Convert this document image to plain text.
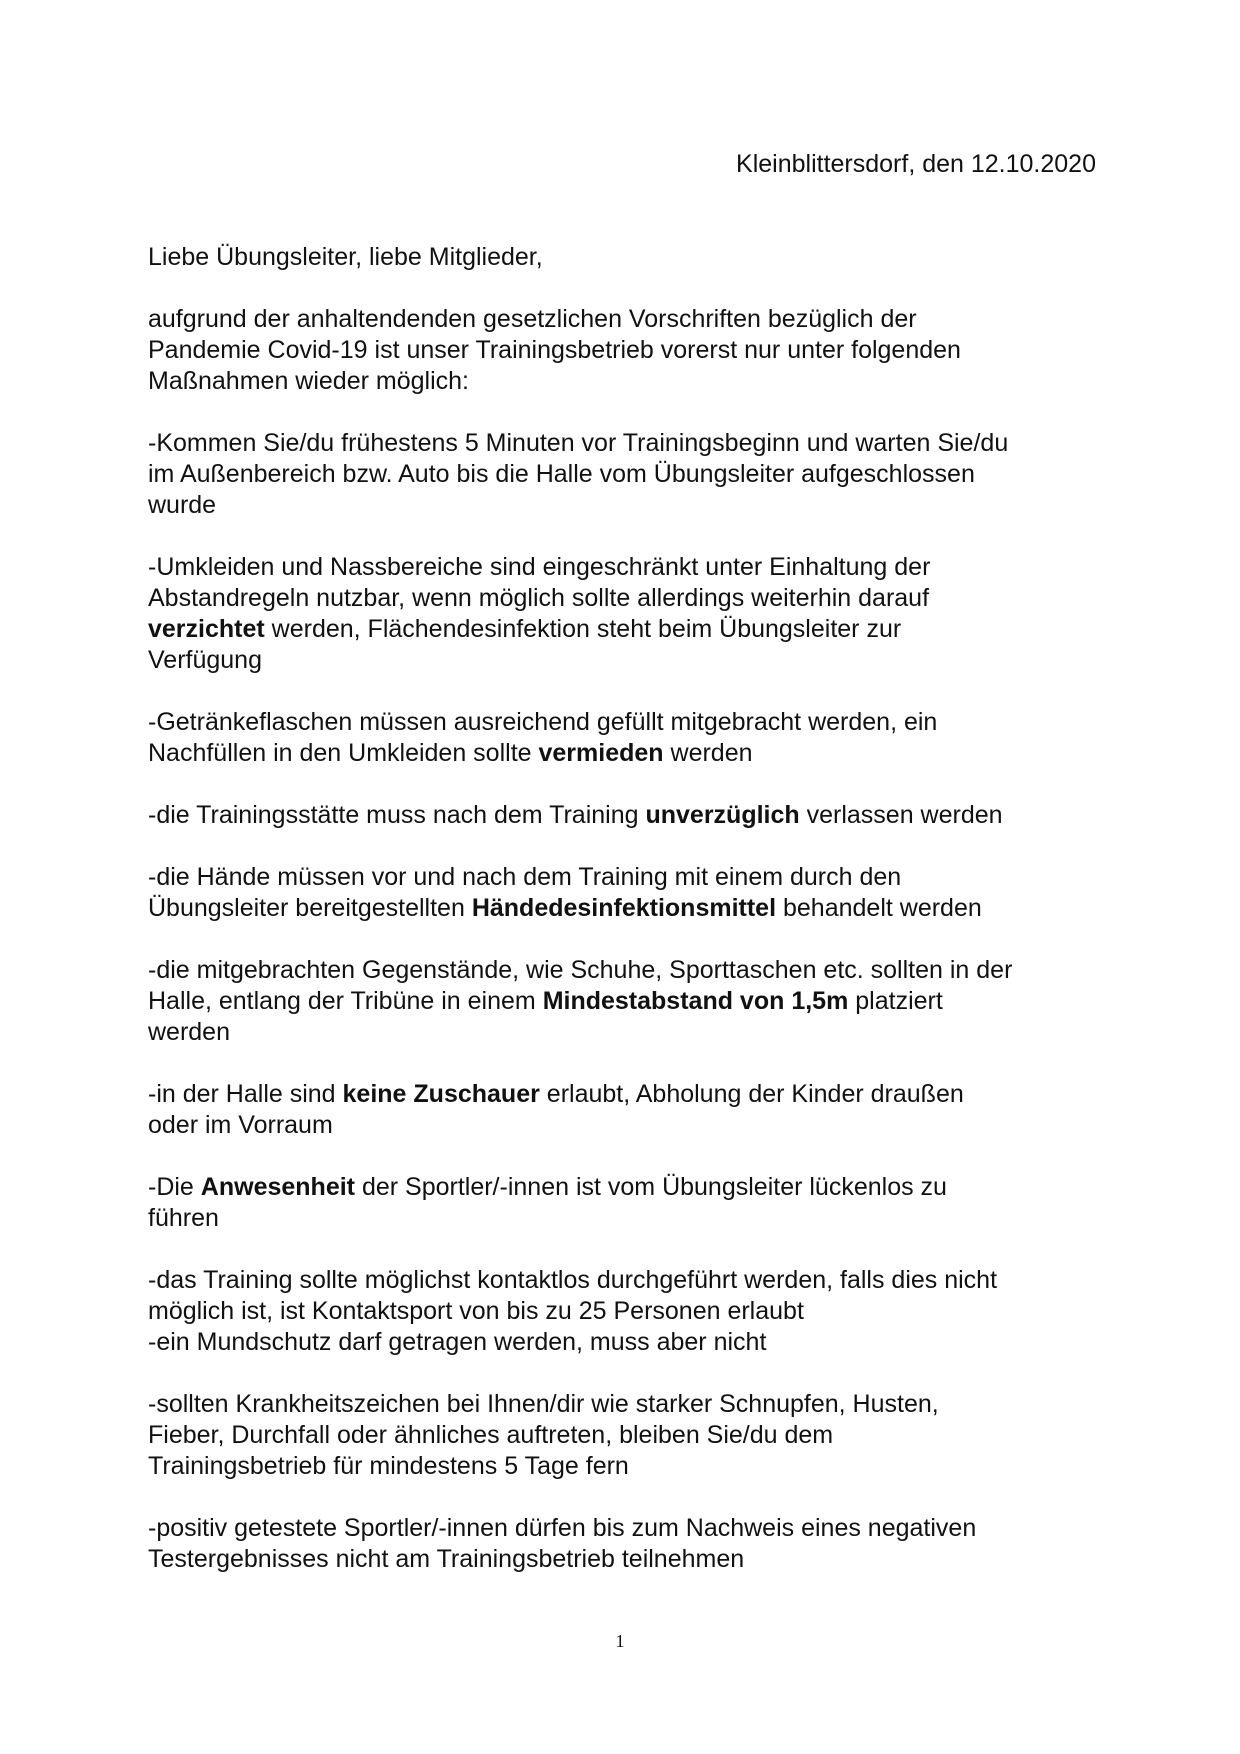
Kleinblittersdorf, den 12.10.2020

Liebe Übungsleiter, liebe Mitglieder,

aufgrund der anhaltendenden gesetzlichen Vorschriften bezüglich der
Pandemie Covid-19 ist unser Trainingsbetrieb vorerst nur unter folgenden
Maßnahmen wieder möglich:

-Kommen Sie/du frühestens 5 Minuten vor Trainingsbeginn und warten Sie/du
im Außenbereich bzw. Auto bis die Halle vom Übungsleiter aufgeschlossen
wurde

-Umkleiden und Nassbereiche sind eingeschränkt unter Einhaltung der
Abstandregeln nutzbar, wenn möglich sollte allerdings weiterhin darauf
verzichtet werden, Flächendesinfektion steht beim Übungsleiter zur
Verfügung

-Getränkeflaschen müssen ausreichend gefüllt mitgebracht werden, ein
Nachfüllen in den Umkleiden sollte vermieden werden

-die Trainingsstätte muss nach dem Training unverzüglich verlassen werden

-die Hände müssen vor und nach dem Training mit einem durch den
Übungsleiter bereitgestellten Händedesinfektionsmittel behandelt werden

-die mitgebrachten Gegenstände, wie Schuhe, Sporttaschen etc. sollten in der
Halle, entlang der Tribüne in einem Mindestabstand von 1,5m platziert
werden

-in der Halle sind keine Zuschauer erlaubt, Abholung der Kinder draußen
oder im Vorraum

-Die Anwesenheit der Sportler/-innen ist vom Übungsleiter lückenlos zu
führen

-das Training sollte möglichst kontaktlos durchgeführt werden, falls dies nicht
möglich ist, ist Kontaktsport von bis zu 25 Personen erlaubt

-ein Mundschutz darf getragen werden, muss aber nicht

-sollten Krankheitszeichen bei Ihnen/dir wie starker Schnupfen, Husten,
Fieber, Durchfall oder ähnliches auftreten, bleiben Sie/du dem
Trainingsbetrieb für mindestens 5 Tage fern

-positiv getestete Sportler/-innen dürfen bis zum Nachweis eines negativen
Testergebnisses nicht am Trainingsbetrieb teilnehmen

1
